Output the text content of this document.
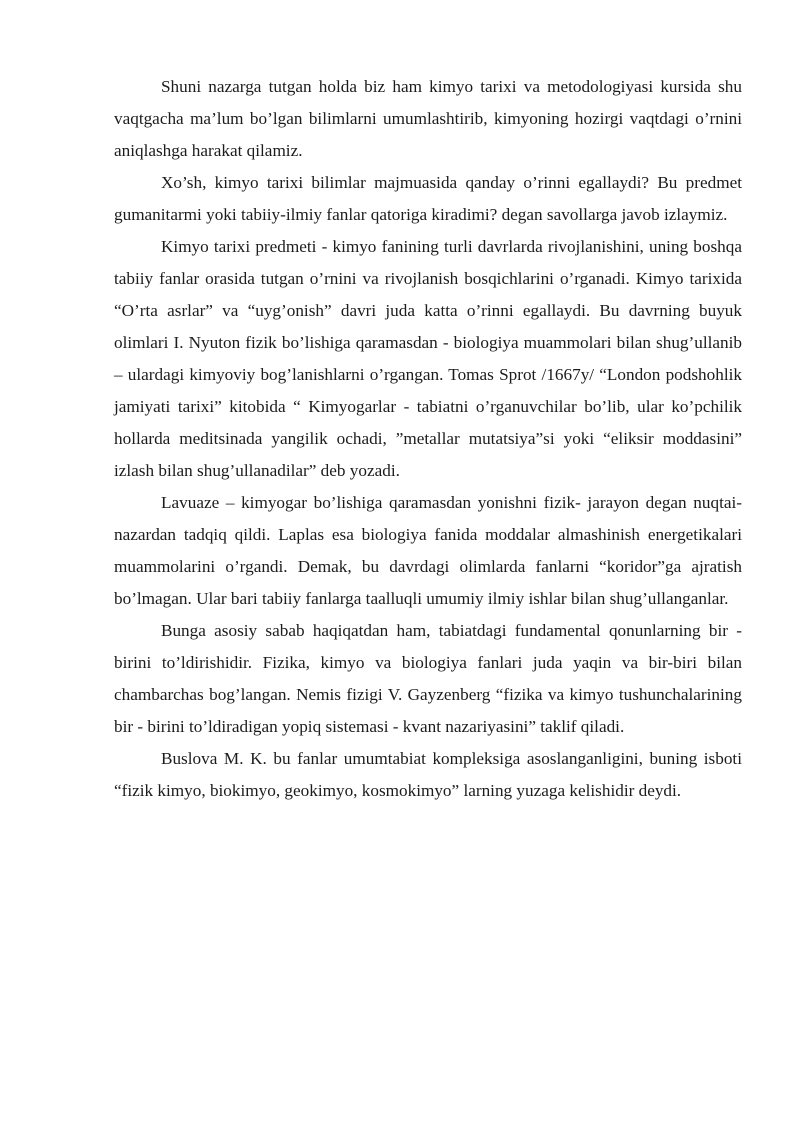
Shuni nazarga tutgan holda biz ham kimyo tarixi va metodologiyasi kursida shu vaqtgacha ma’lum bo’lgan bilimlarni umumlashtirib, kimyoning hozirgi vaqtdagi o’rnini aniqlashga harakat qilamiz.

Xo’sh, kimyo tarixi bilimlar majmuasida qanday o’rinni egallaydi? Bu predmet gumanitarmi yoki tabiiy-ilmiy fanlar qatoriga kiradimi? degan savollarga javob izlaymiz.

Kimyo tarixi predmeti - kimyo fanining turli davrlarda rivojlanishini, uning boshqa tabiiy fanlar orasida tutgan o’rnini va rivojlanish bosqichlarini o’rganadi. Kimyo tarixida “O’rta asrlar” va “uyg’onish” davri juda katta o’rinni egallaydi. Bu davrning buyuk olimlari I. Nyuton fizik bo’lishiga qaramasdan - biologiya muammolari bilan shug’ullanib – ulardagi kimyoviy bog’lanishlarni o’rgangan. Tomas Sprot /1667y/ “London podshohlik jamiyati tarixi” kitobida “ Kimyogarlar - tabiatni o’rganuvchilar bo’lib, ular ko’pchilik hollarda meditsinada yangilik ochadi, ”metallar mutatsiya”si yoki “eliksir moddasini” izlash bilan shug’ullanadilar” deb yozadi.

Lavuaze – kimyogar bo’lishiga qaramasdan yonishni fizik- jarayon degan nuqtai-nazardan tadqiq qildi. Laplas esa biologiya fanida moddalar almashinish energetikalari muammolarini o’rgandi. Demak, bu davrdagi olimlarda fanlarni “koridor”ga ajratish bo’lmagan. Ular bari tabiiy fanlarga taalluqli umumiy ilmiy ishlar bilan shug’ullanganlar.

Bunga asosiy sabab haqiqatdan ham, tabiatdagi fundamental qonunlarning bir - birini to’ldirishidir. Fizika, kimyo va biologiya fanlari juda yaqin va bir-biri bilan chambarchas bog’langan. Nemis fizigi V. Gayzenberg “fizika va kimyo tushunchalarining bir - birini to’ldiradigan yopiq sistemasi - kvant nazariyasini” taklif qiladi.

Buslova M. K. bu fanlar umumtabiat kompleksiga asoslanganligini, buning isboti “fizik kimyo, biokimyo, geokimyo, kosmokimyo” larning yuzaga kelishidir deydi.
